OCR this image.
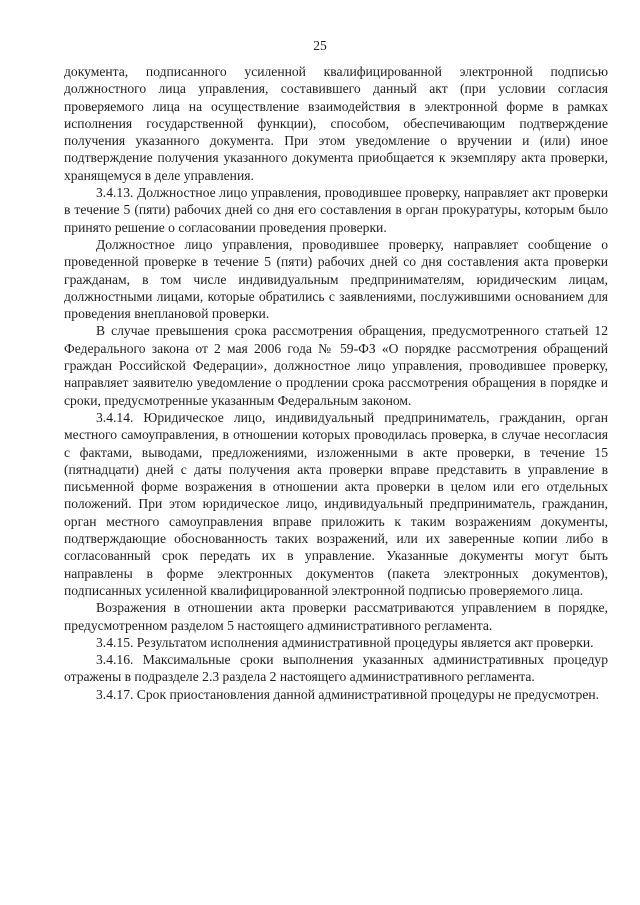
25

документа, подписанного усиленной квалифицированной электронной подписью должностного лица управления, составившего данный акт (при условии согласия проверяемого лица на осуществление взаимодействия в электронной форме в рамках исполнения государственной функции), способом, обеспечивающим подтверждение получения указанного документа. При этом уведомление о вручении и (или) иное подтверждение получения указанного документа приобщается к экземпляру акта проверки, хранящемуся в деле управления.

3.4.13. Должностное лицо управления, проводившее проверку, направляет акт проверки в течение 5 (пяти) рабочих дней со дня его составления в орган прокуратуры, которым было принято решение о согласовании проведения проверки.

Должностное лицо управления, проводившее проверку, направляет сообщение о проведенной проверке в течение 5 (пяти) рабочих дней со дня составления акта проверки гражданам, в том числе индивидуальным предпринимателям, юридическим лицам, должностными лицами, которые обратились с заявлениями, послужившими основанием для проведения внеплановой проверки.

В случае превышения срока рассмотрения обращения, предусмотренного статьей 12 Федерального закона от 2 мая 2006 года № 59-ФЗ «О порядке рассмотрения обращений граждан Российской Федерации», должностное лицо управления, проводившее проверку, направляет заявителю уведомление о продлении срока рассмотрения обращения в порядке и сроки, предусмотренные указанным Федеральным законом.

3.4.14. Юридическое лицо, индивидуальный предприниматель, гражданин, орган местного самоуправления, в отношении которых проводилась проверка, в случае несогласия с фактами, выводами, предложениями, изложенными в акте проверки, в течение 15 (пятнадцати) дней с даты получения акта проверки вправе представить в управление в письменной форме возражения в отношении акта проверки в целом или его отдельных положений. При этом юридическое лицо, индивидуальный предприниматель, гражданин, орган местного самоуправления вправе приложить к таким возражениям документы, подтверждающие обоснованность таких возражений, или их заверенные копии либо в согласованный срок передать их в управление. Указанные документы могут быть направлены в форме электронных документов (пакета электронных документов), подписанных усиленной квалифицированной электронной подписью проверяемого лица.

Возражения в отношении акта проверки рассматриваются управлением в порядке, предусмотренном разделом 5 настоящего административного регламента.

3.4.15. Результатом исполнения административной процедуры является акт проверки.

3.4.16. Максимальные сроки выполнения указанных административных процедур отражены в подразделе 2.3 раздела 2 настоящего административного регламента.

3.4.17. Срок приостановления данной административной процедуры не предусмотрен.
